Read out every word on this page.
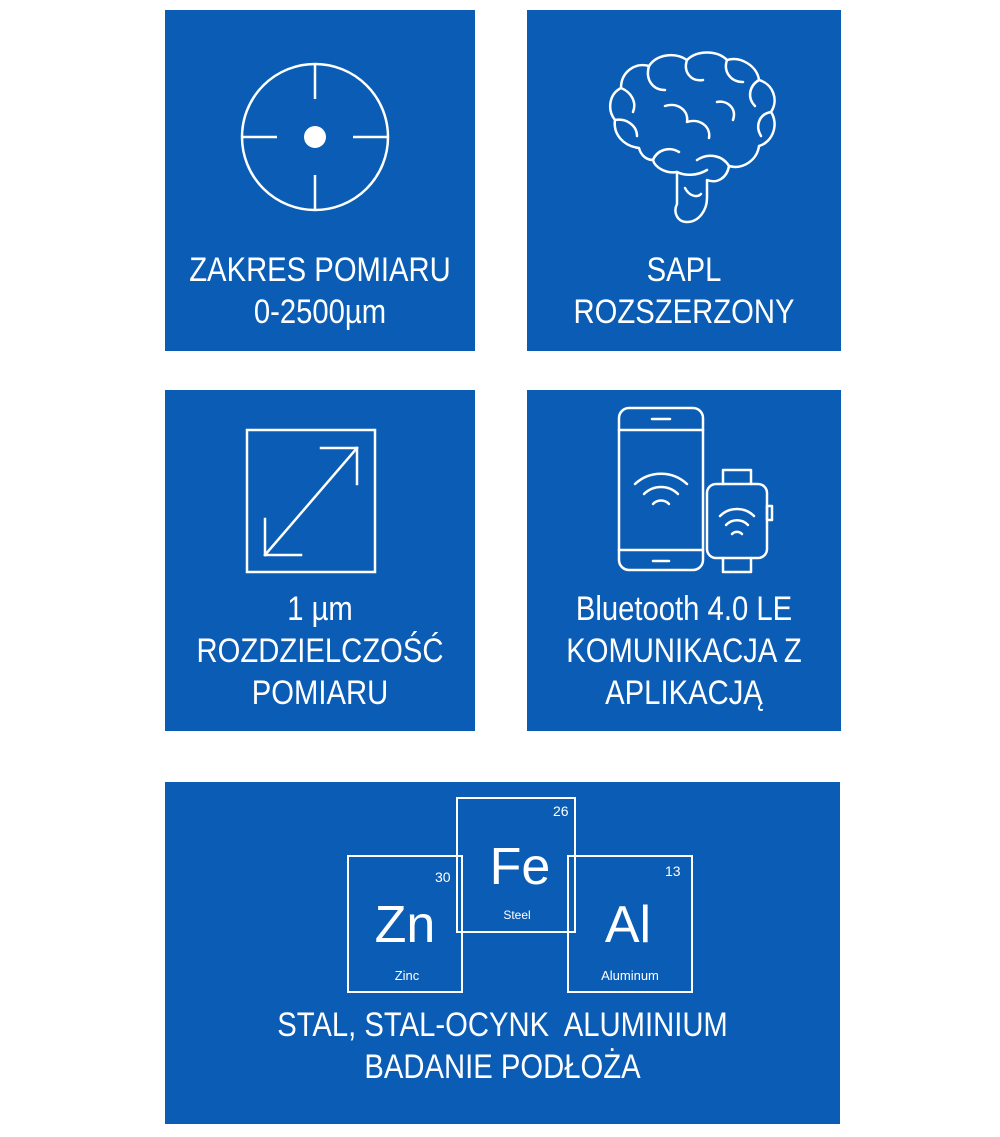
ZAKRES POMIARU
0-2500µm
SAPL
ROZSZERZONY
1 µm
ROZDZIELCZOŚĆ
POMIARU
Bluetooth 4.0 LE
KOMUNIKACJA Z
APLIKACJĄ
30
Zn
Zinc
26
Fe
Steel
13
Al
Aluminum
STAL, STAL-OCYNK  ALUMINIUM
BADANIE PODŁOŻA
